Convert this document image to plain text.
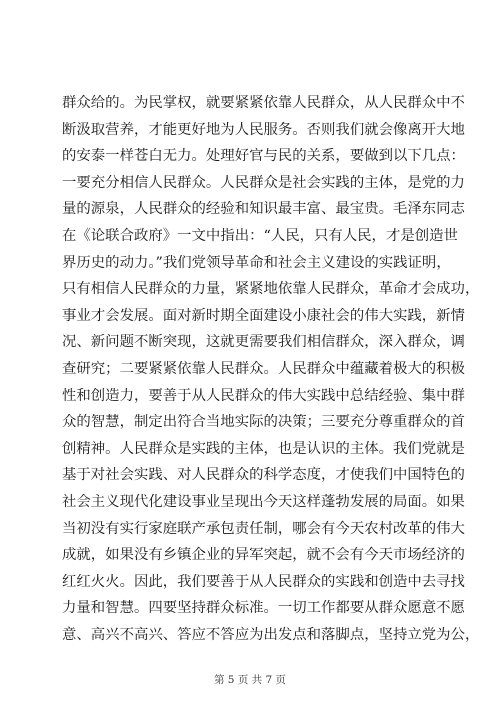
群众给的。为民掌权，就要紧紧依靠人民群众，从人民群众中不
断汲取营养，才能更好地为人民服务。否则我们就会像离开大地
的安泰一样苍白无力。处理好官与民的关系，要做到以下几点：
一要充分相信人民群众。人民群众是社会实践的主体，是党的力
量的源泉，人民群众的经验和知识最丰富、最宝贵。毛泽东同志
在《论联合政府》一文中指出：“人民，只有人民，才是创造世
界历史的动力。”我们党领导革命和社会主义建设的实践证明，
只有相信人民群众的力量，紧紧地依靠人民群众，革命才会成功，
事业才会发展。面对新时期全面建设小康社会的伟大实践，新情
况、新问题不断突现，这就更需要我们相信群众，深入群众，调
查研究；二要紧紧依靠人民群众。人民群众中蕴藏着极大的积极
性和创造力，要善于从人民群众的伟大实践中总结经验、集中群
众的智慧，制定出符合当地实际的决策；三要充分尊重群众的首
创精神。人民群众是实践的主体，也是认识的主体。我们党就是
基于对社会实践、对人民群众的科学态度，才使我们中国特色的
社会主义现代化建设事业呈现出今天这样蓬勃发展的局面。如果
当初没有实行家庭联产承包责任制，哪会有今天农村改革的伟大
成就，如果没有乡镇企业的异军突起，就不会有今天市场经济的
红红火火。因此，我们要善于从人民群众的实践和创造中去寻找
力量和智慧。四要坚持群众标准。一切工作都要从群众愿意不愿
意、高兴不高兴、答应不答应为出发点和落脚点，坚持立党为公，
第 5 页 共 7 页
